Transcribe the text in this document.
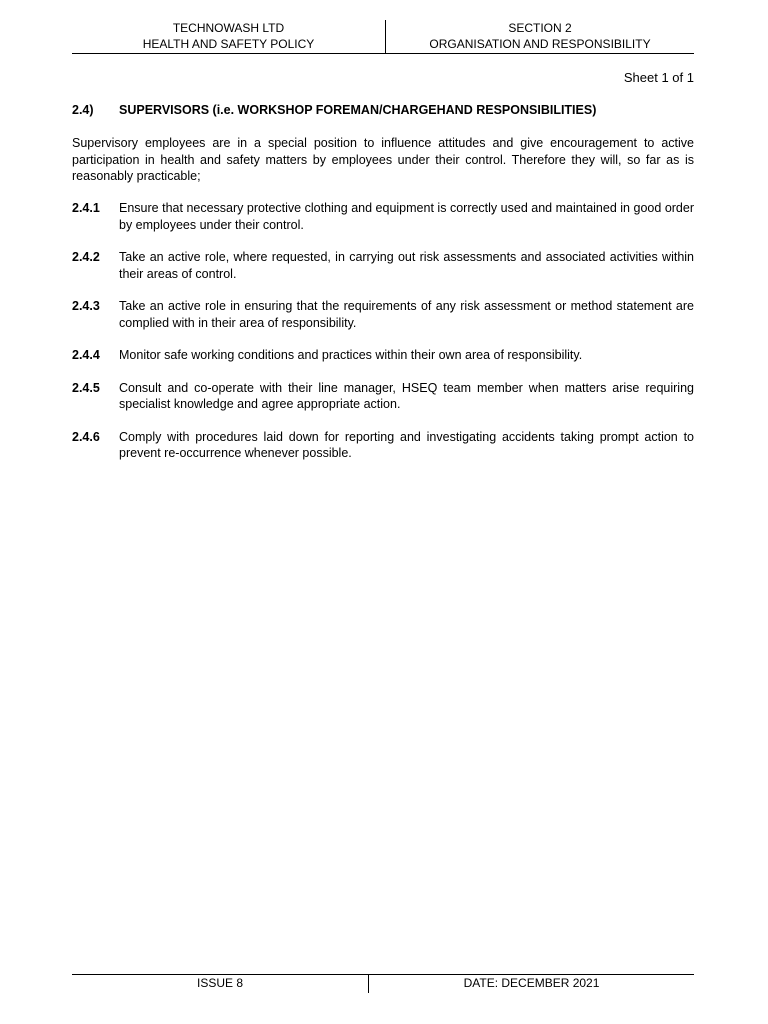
TECHNOWASH LTD
HEALTH AND SAFETY POLICY
SECTION 2
ORGANISATION AND RESPONSIBILITY
Sheet 1 of 1
2.4) SUPERVISORS (i.e. WORKSHOP FOREMAN/CHARGEHAND RESPONSIBILITIES)
Supervisory employees are in a special position to influence attitudes and give encouragement to active participation in health and safety matters by employees under their control. Therefore they will, so far as is reasonably practicable;
2.4.1 Ensure that necessary protective clothing and equipment is correctly used and maintained in good order by employees under their control.
2.4.2 Take an active role, where requested, in carrying out risk assessments and associated activities within their areas of control.
2.4.3 Take an active role in ensuring that the requirements of any risk assessment or method statement are complied with in their area of responsibility.
2.4.4 Monitor safe working conditions and practices within their own area of responsibility.
2.4.5 Consult and co-operate with their line manager, HSEQ team member when matters arise requiring specialist knowledge and agree appropriate action.
2.4.6 Comply with procedures laid down for reporting and investigating accidents taking prompt action to prevent re-occurrence whenever possible.
ISSUE 8	DATE: DECEMBER 2021
